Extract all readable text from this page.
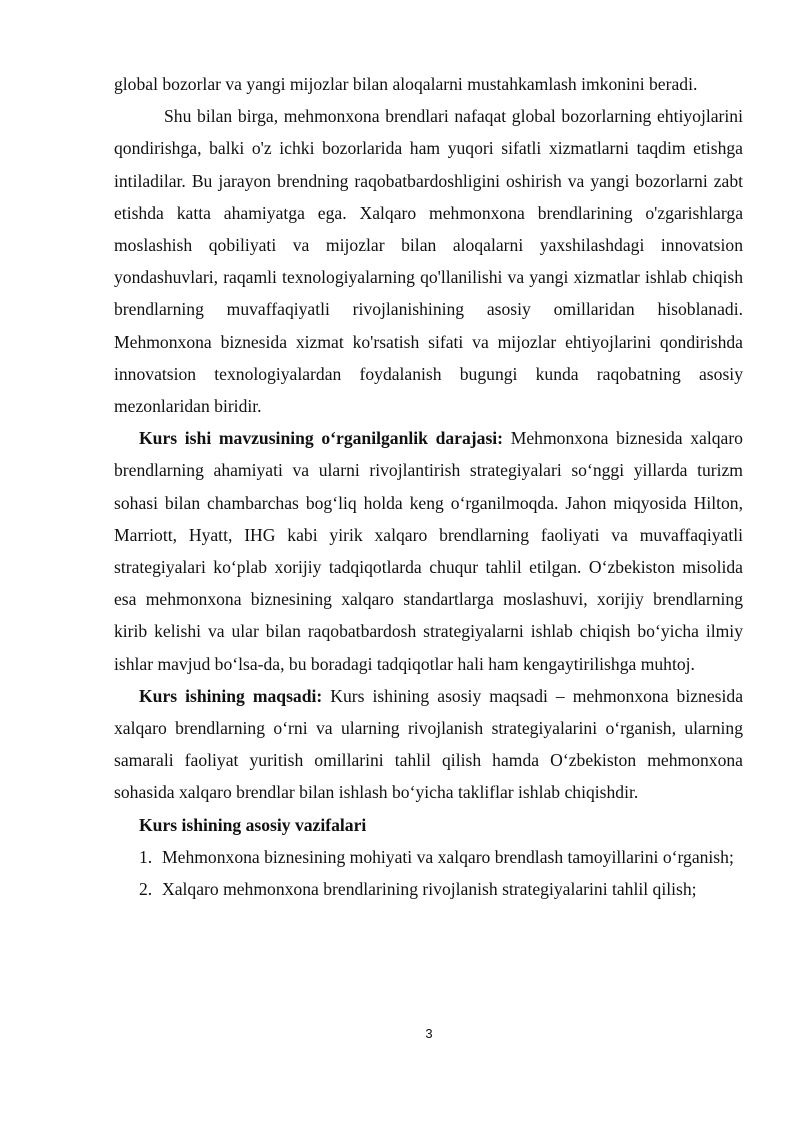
global bozorlar va yangi mijozlar bilan aloqalarni mustahkamlash imkonini beradi.

Shu bilan birga, mehmonxona brendlari nafaqat global bozorlarning ehtiyojlarini qondirishga, balki o'z ichki bozorlarida ham yuqori sifatli xizmatlarni taqdim etishga intiladilar. Bu jarayon brendning raqobatbardoshligini oshirish va yangi bozorlarni zabt etishda katta ahamiyatga ega. Xalqaro mehmonxona brendlarining o'zgarishlarga moslashish qobiliyati va mijozlar bilan aloqalarni yaxshilashdagi innovatsion yondashuvlari, raqamli texnologiyalarning qo'llanilishi va yangi xizmatlar ishlab chiqish brendlarning muvaffaqiyatli rivojlanishining asosiy omillaridan hisoblanadi. Mehmonxona biznesida xizmat ko'rsatish sifati va mijozlar ehtiyojlarini qondirishda innovatsion texnologiyalardan foydalanish bugungi kunda raqobatning asosiy mezonlaridan biridir.

Kurs ishi mavzusining o‘rganilganlik darajasi: Mehmonxona biznesida xalqaro brendlarning ahamiyati va ularni rivojlantirish strategiyalari so‘nggi yillarda turizm sohasi bilan chambarchas bog‘liq holda keng o‘rganilmoqda. Jahon miqyosida Hilton, Marriott, Hyatt, IHG kabi yirik xalqaro brendlarning faoliyati va muvaffaqiyatli strategiyalari ko‘plab xorijiy tadqiqotlarda chuqur tahlil etilgan. O‘zbekiston misolida esa mehmonxona biznesining xalqaro standartlarga moslashuvi, xorijiy brendlarning kirib kelishi va ular bilan raqobatbardosh strategiyalarni ishlab chiqish bo‘yicha ilmiy ishlar mavjud bo‘lsa-da, bu boradagi tadqiqotlar hali ham kengaytirilishga muhtoj.

Kurs ishining maqsadi: Kurs ishining asosiy maqsadi – mehmonxona biznesida xalqaro brendlarning o‘rni va ularning rivojlanish strategiyalarini o‘rganish, ularning samarali faoliyat yuritish omillarini tahlil qilish hamda O‘zbekiston mehmonxona sohasida xalqaro brendlar bilan ishlash bo‘yicha takliflar ishlab chiqishdir.

Kurs ishining asosiy vazifalari

1. Mehmonxona biznesining mohiyati va xalqaro brendlash tamoyillarini o‘rganish;
2. Xalqaro mehmonxona brendlarining rivojlanish strategiyalarini tahlil qilish;
3
